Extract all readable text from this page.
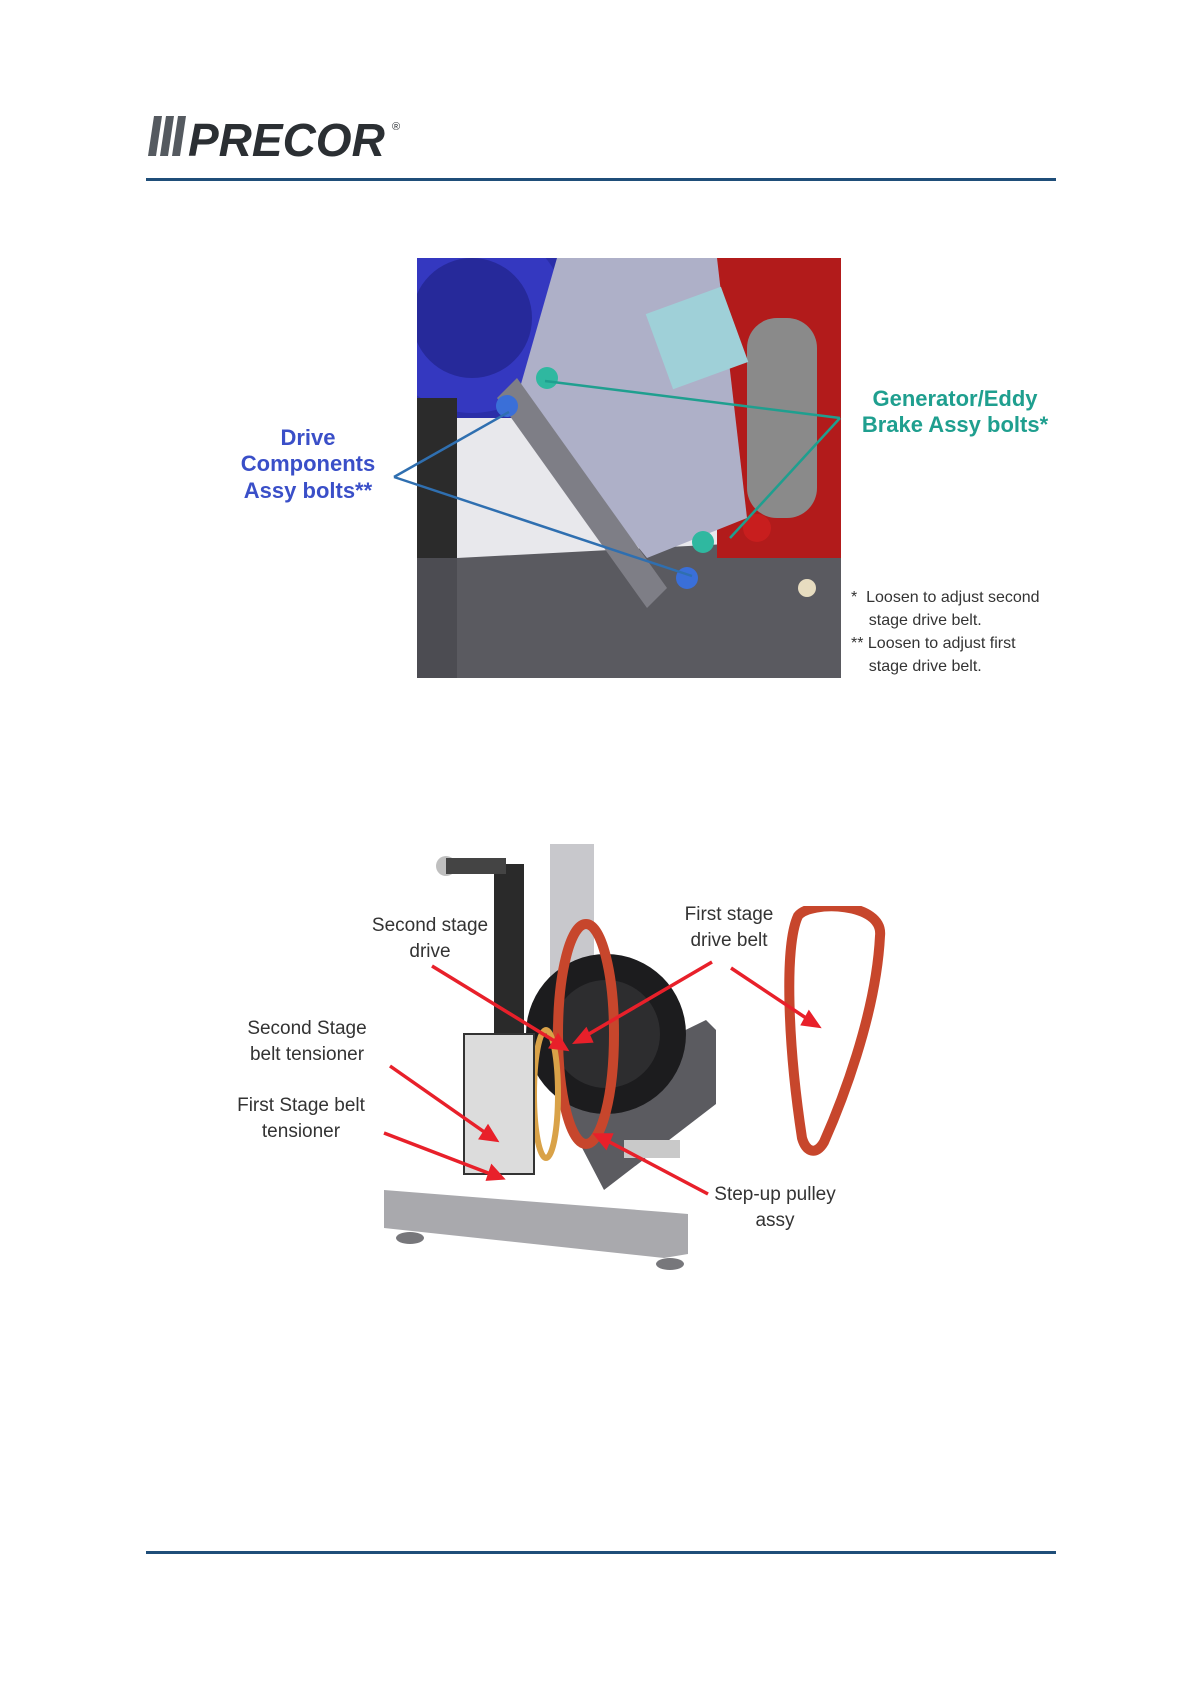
PRECOR ®
Drive Components Assy bolts**
Generator/Eddy Brake Assy bolts*
*  Loosen to adjust second
stage drive belt.
** Loosen to adjust first
stage drive belt.
Second stage drive
First stage drive belt
Second Stage belt tensioner
First Stage belt tensioner
Step-up pulley assy
